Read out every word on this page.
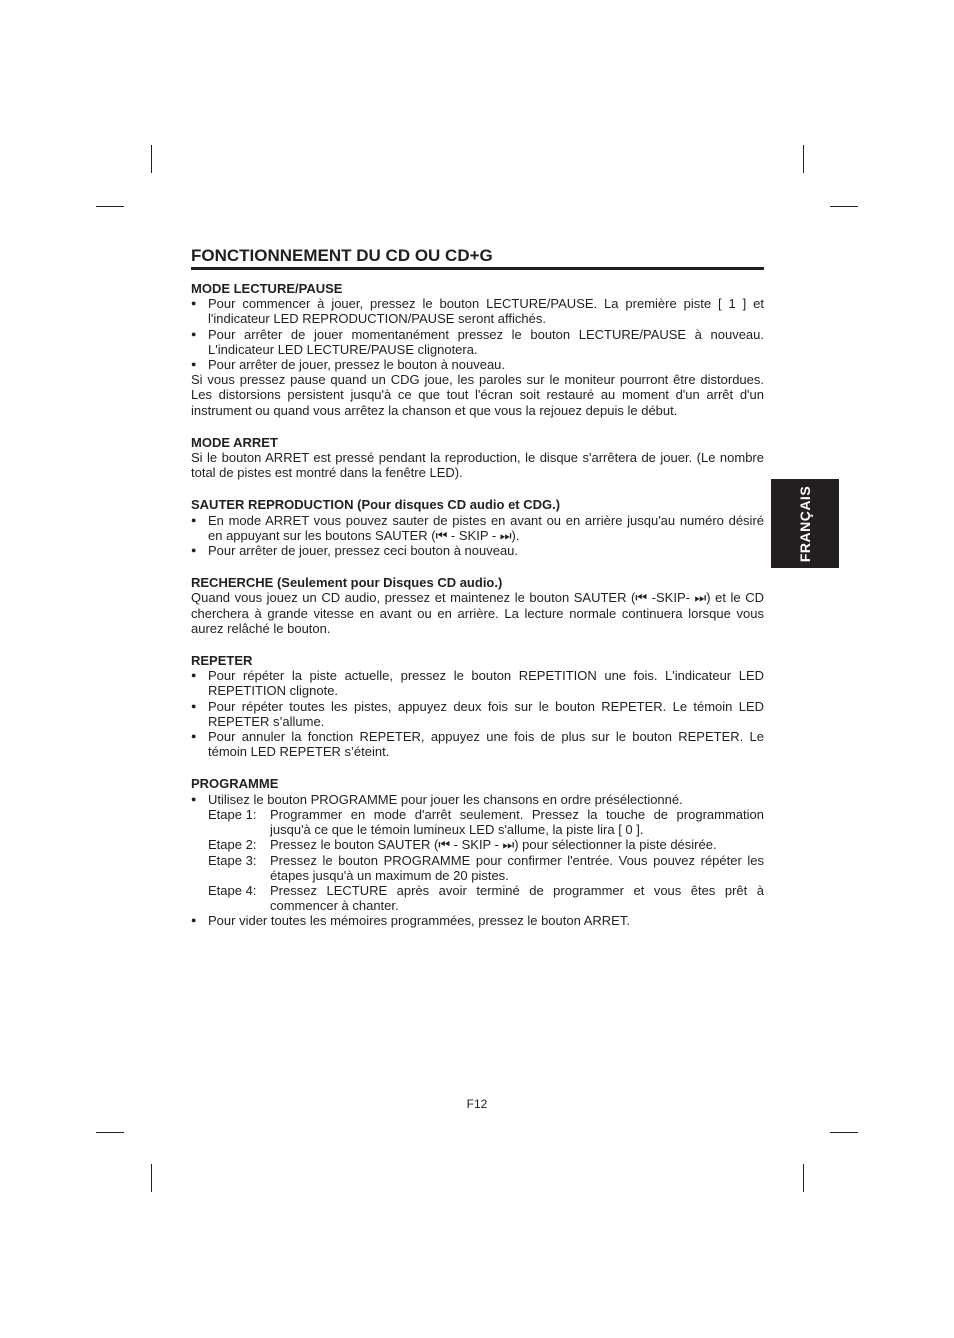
FONCTIONNEMENT DU CD OU CD+G
MODE LECTURE/PAUSE
● Pour commencer à jouer, pressez le bouton LECTURE/PAUSE. La première piste [ 1 ] et l'indicateur LED REPRODUCTION/PAUSE seront affichés.
● Pour arrêter de jouer momentanément pressez le bouton LECTURE/PAUSE à nouveau. L'indicateur LED LECTURE/PAUSE clignotera.
● Pour arrêter de jouer, pressez le bouton à nouveau.

Si vous pressez pause quand un CDG joue, les paroles sur le moniteur pourront être distordues. Les distorsions persistent jusqu'à ce que tout l'écran soit restauré au moment d'un arrêt d'un instrument ou quand vous arrêtez la chanson et que vous la rejouez depuis le début.

MODE ARRET

Si le bouton ARRET est pressé pendant la reproduction, le disque s'arrêtera de jouer. (Le nombre total de pistes est montré dans la fenêtre LED).

SAUTER REPRODUCTION (Pour disques CD audio et CDG.)
● En mode ARRET vous pouvez sauter de pistes en avant ou en arrière jusqu'au numéro désiré en appuyant sur les boutons SAUTER (⏮ - SKIP - ⏭).
● Pour arrêter de jouer, pressez ceci bouton à nouveau.
RECHERCHE (Seulement pour Disques CD audio.)

Quand vous jouez un CD audio, pressez et maintenez le bouton SAUTER (⏮ -SKIP- ⏭) et le CD cherchera à grande vitesse en avant ou en arrière. La lecture normale continuera lorsque vous aurez relâché le bouton.

REPETER
● Pour répéter la piste actuelle, pressez le bouton REPETITION une fois. L'indicateur LED REPETITION clignote.
● Pour répéter toutes les pistes, appuyez deux fois sur le bouton REPETER. Le témoin LED REPETER s’allume.
● Pour annuler la fonction REPETER, appuyez une fois de plus sur le bouton REPETER. Le témoin LED REPETER s’éteint.
PROGRAMME
● Utilisez le bouton PROGRAMME pour jouer les chansons en ordre présélectionné.
Etape 1:	Programmer en mode d'arrêt seulement. Pressez la touche de programmation jusqu'à ce que le témoin lumineux LED s'allume, la piste lira [ 0 ].
Etape 2:	Pressez le bouton SAUTER (⏮ - SKIP - ⏭) pour sélectionner la piste désirée.
Etape 3:	Pressez le bouton PROGRAMME pour confirmer l'entrée. Vous pouvez répéter les étapes jusqu'à un maximum de 20 pistes.
Etape 4:	Pressez LECTURE après avoir terminé de programmer et vous êtes prêt à commencer à chanter.
● Pour vider toutes les mémoires programmées, pressez le bouton ARRET.
FRANÇAIS
F12
